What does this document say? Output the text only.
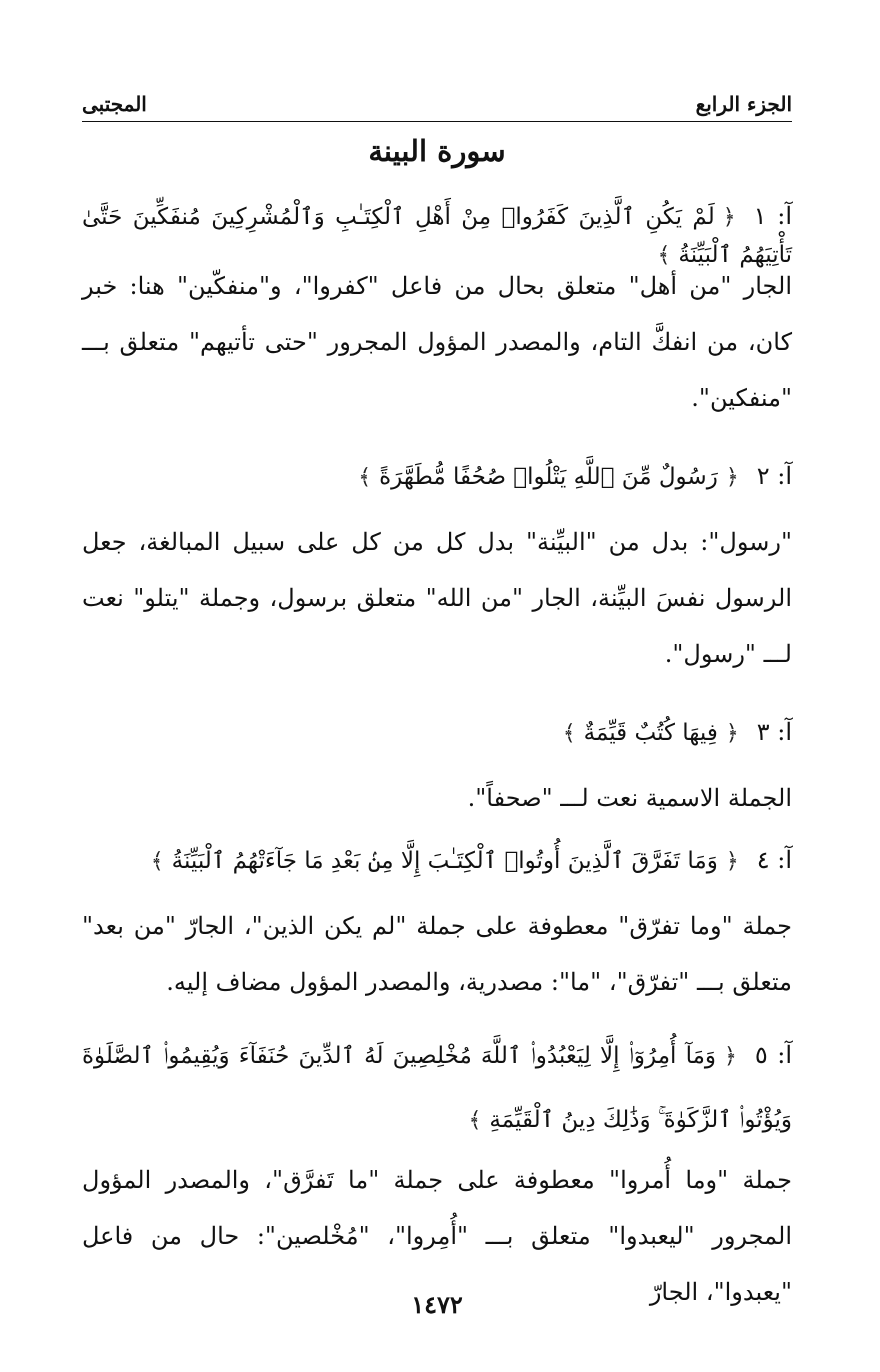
الجزء الرابع
المجتبى
سورة البينة
آ: ١﴿لَمْ يَكُنِ ٱلَّذِينَ كَفَرُوا۟ مِنْ أَهْلِ ٱلْكِتَـٰبِ وَٱلْمُشْرِكِينَ مُنفَكِّينَ حَتَّىٰ تَأْتِيَهُمُ ٱلْبَيِّنَةُ﴾
الجار "من أهل" متعلق بحال من فاعل "كفروا"، و"منفكّين" هنا: خبر كان، من انفكَّ التام، والمصدر المؤول المجرور "حتى تأتيهم" متعلق بـــ "منفكين".
آ: ٢﴿رَسُولٌ مِّنَ ٱللَّهِ يَتْلُوا۟ صُحُفًا مُّطَهَّرَةً﴾
"رسول": بدل من "البيِّنة" بدل كل من كل على سبيل المبالغة، جعل الرسول نفسَ البيِّنة، الجار "من الله" متعلق برسول، وجملة "يتلو" نعت لـــ "رسول".
آ: ٣﴿فِيهَا كُتُبٌ قَيِّمَةٌ﴾
الجملة الاسمية نعت لـــ "صحفاً".
آ: ٤﴿وَمَا تَفَرَّقَ ٱلَّذِينَ أُوتُوا۟ ٱلْكِتَـٰبَ إِلَّا مِنۢ بَعْدِ مَا جَآءَتْهُمُ ٱلْبَيِّنَةُ﴾
جملة "وما تفرّق" معطوفة على جملة "لم يكن الذين"، الجارّ "من بعد" متعلق بـــ "تفرّق"، "ما": مصدرية، والمصدر المؤول مضاف إليه.
آ: ٥﴿وَمَآ أُمِرُوٓا۟ إِلَّا لِيَعْبُدُوا۟ ٱللَّهَ مُخْلِصِينَ لَهُ ٱلدِّينَ حُنَفَآءَ وَيُقِيمُوا۟ ٱلصَّلَوٰةَ وَيُؤْتُوا۟ ٱلزَّكَوٰةَ ۚ وَذَٰلِكَ دِينُ ٱلْقَيِّمَةِ﴾
جملة "وما أُمروا" معطوفة على جملة "ما تَفرَّق"، والمصدر المؤول المجرور "ليعبدوا" متعلق بـــ "أُمِروا"، "مُخْلصين": حال من فاعل "يعبدوا"، الجارّ
١٤٧٢
